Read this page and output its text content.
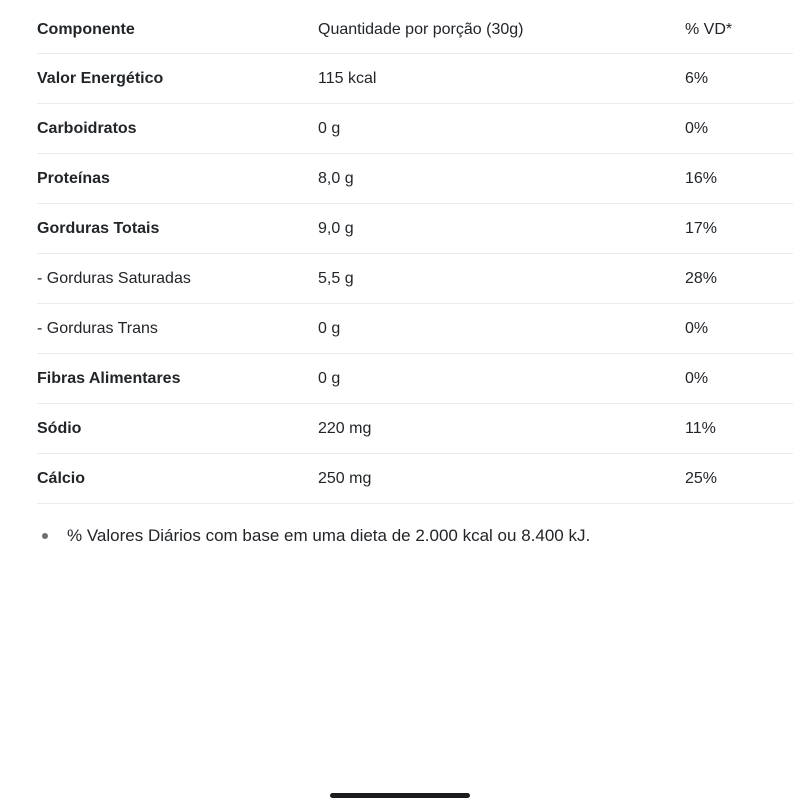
Componente	Quantidade por porção (30g)	% VD*
Valor Energético	115 kcal	6%
Carboidratos	0 g	0%
Proteínas	8,0 g	16%
Gorduras Totais	9,0 g	17%
- Gorduras Saturadas	5,5 g	28%
- Gorduras Trans	0 g	0%
Fibras Alimentares	0 g	0%
Sódio	220 mg	11%
Cálcio	250 mg	25%
% Valores Diários com base em uma dieta de 2.000 kcal ou 8.400 kJ.
